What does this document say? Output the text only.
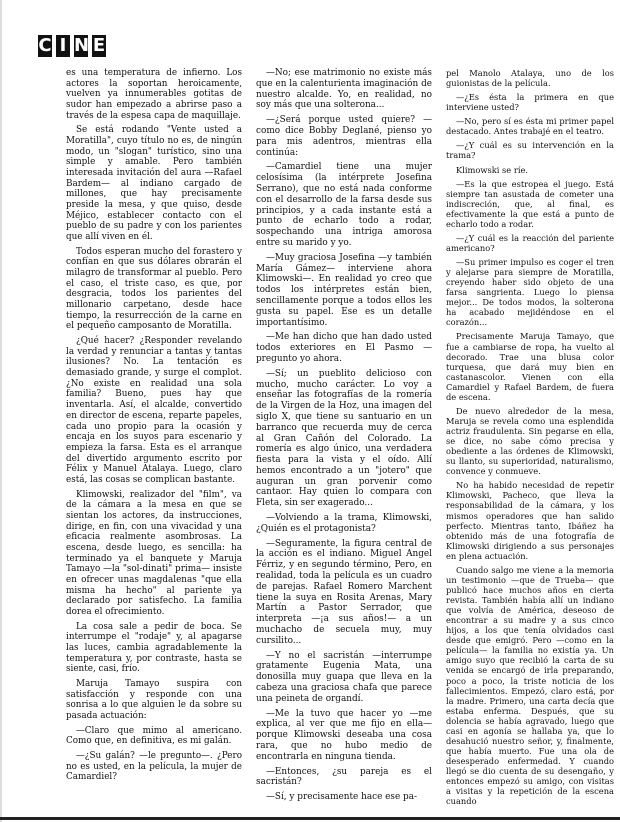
C I N E

es una temperatura de infierno. Los actores la soportan heroicamente, vuelven ya innumerables gotitas de sudor han empezado a abrirse paso a través de la espesa capa de maquillaje.

Se está rodando "Vente usted a Moratilla", cuyo título no es, de ningún modo, un "slogan" turístico, sino una simple y amable. Pero también interesada invitación del aura —Rafael Bardem— al indiano cargado de millones, que hay precisamente preside la mesa, y que quiso, desde Méjico, establecer contacto con el pueblo de su padre y con los parientes que allí viven en él.

Todos esperan mucho del forastero y confían en que sus dólares obrarán el milagro de transformar al pueblo. Pero el caso, el triste caso, es que, por desgracia, todos los parientes del millonario carpetano, desde hace tiempo, la resurrección de la carne en el pequeño camposanto de Moratilla.

¿Qué hacer? ¿Responder revelando la verdad y renunciar a tantas y tantas ilusiones? No. La tentación es demasiado grande, y surge el complot. ¿No existe en realidad una sola familia? Bueno, pues hay que inventarla. Así, el alcalde, convertido en director de escena, reparte papeles, cada uno propio para la ocasión y encaja en los suyos para escenario y empieza la farsa. Esta es el arranque del divertido argumento escrito por Félix y Manuel Atalaya. Luego, claro está, las cosas se complican bastante.

Klimowski, realizador del "film", va de la cámara a la mesa en que se sientan los actores, da instrucciones, dirige, en fin, con una vivacidad y una eficacia realmente asombrosas. La escena, desde luego, es sencilla: ha terminado ya el banquete y Maruja Tamayo —la "sol-dinati" prima— insiste en ofrecer unas magdalenas "que ella misma ha hecho" al pariente ya declarado por satisfecho. La familia dorea el ofrecimiento.

La cosa sale a pedir de boca. Se interrumpe el "rodaje" y, al apagarse las luces, cambia agradablemente la temperatura y, por contraste, hasta se siente, casi, frío.

Maruja Tamayo suspira con satisfacción y responde con una sonrisa a lo que alguien le da sobre su pasada actuación:

—Claro que mimo al americano. Como que, en definitiva, es mi galán.

—¿Su galán? —le pregunto—. ¿Pero no es usted, en la película, la mujer de Camardiel?

—No; ese matrimonio no existe más que en la calenturienta imaginación de nuestro alcalde. Yo, en realidad, no soy más que una solterona...

—¿Será porque usted quiere? —como dice Bobby Deglané, pienso yo para mis adentros, mientras ella continúa:

—Camardiel tiene una mujer celosísima (la intérprete Josefina Serrano), que no está nada conforme con el desarrollo de la farsa desde sus principios, y a cada instante está a punto de echarlo todo a rodar, sospechando una intriga amorosa entre su marido y yo.

—Muy graciosa Josefina —y también María Gámez— interviene ahora Klimowski—. En realidad yo creo que todos los intérpretes están bien, sencillamente porque a todos ellos les gusta su papel. Ese es un detalle importantísimo.

—Me han dicho que han dado usted todos exteriores en El Pasmo —pregunto yo ahora.

—Sí; un pueblito delicioso con mucho, mucho carácter. Lo voy a enseñar las fotografías de la romería de la Virgen de la Hoz, una imagen del siglo X, que tiene su santuario en un barranco que recuerda muy de cerca al Gran Cañón del Colorado. La romería es algo único, una verdadera fiesta para la vista y el oído. Allí hemos encontrado a un "jotero" que auguran un gran porvenir como cantaor. Hay quien lo compara con Fleta, sin ser exagerado...

—Volviendo a la trama, Klimowski, ¿Quién es el protagonista?

—Seguramente, la figura central de la acción es el indiano. Miguel Angel Férriz, y en segundo término, Pero, en realidad, toda la película es un cuadro de parejas. Rafael Romero Marchent tiene la suya en Rosita Arenas, Mary Martín a Pastor Serrador, que interpreta —¡a sus años!— a un muchacho de secuela muy, muy cursilito...

—Y no el sacristán —interrumpe gratamente Eugenia Mata, una donosilla muy guapa que lleva en la cabeza una graciosa chafa que parece una peineta de organdí.

—Me la tuvo que hacer yo —me explica, al ver que me fijo en ella— porque Klimowski deseaba una cosa rara, que no hubo medio de encontrarla en ninguna tienda.

—Entonces, ¿su pareja es el sacristán?

—Sí, y precisamente hace ese pa-

pel Manolo Atalaya, uno de los guionistas de la película.

—¿Es ésta la primera en que interviene usted?

—No, pero sí es ésta mi primer papel destacado. Antes trabajé en el teatro.

—¿Y cuál es su intervención en la trama?

Klimowski se ríe.

—Es la que estropea el juego. Está siempre tan asustada de cometer una indiscreción, que, al final, es efectivamente la que está a punto de echarlo todo a rodar.

—¿Y cuál es la reacción del pariente americano?

—Su primer impulso es coger el tren y alejarse para siempre de Moratilla, creyendo haber sido objeto de una farsa sangrienta. Luego lo piensa mejor... De todos modos, la solterona ha acabado mejidéndose en el corazón...

Precisamente Maruja Tamayo, que fue a cambiarse de ropa, ha vuelto al decorado. Trae una blusa color turquesa, que dará muy bien en castanascolor. Vienen con ella Camardiel y Rafael Bardem, de fuera de escena.

De nuevo alrededor de la mesa, Maruja se revela como una esplendida actriz fraudulenta. Sin pegarse en ella, se dice, no sabe cómo precisa y obediente a las órdenes de Klimowski, su llanto, su superioridad, naturalismo, convence y conmueve.

No ha habido necesidad de repetir Klimowski, Pacheco, que lleva la responsabilidad de la cámara, y los mismos operadores que han salido perfecto. Mientras tanto, Ibáñez ha obtenido más de una fotografía de Klimowski dirigiendo a sus personajes en plena actuación.

Cuando salgo me viene a la memoria un testimonio —que de Trueba— que publicó hace muchos años en cierta revista. También había allí un indiano que volvía de América, deseoso de encontrar a su madre y a sus cinco hijos, a los que tenía olvidados casi desde que emigró. Pero —como en la película— la familia no existía ya. Un amigo suyo que recibió la carta de su venida se encargó de irla preparando, poco a poco, la triste noticia de los fallecimientos. Empezó, claro está, por la madre. Primero, una carta decía que estaba enferma. Después, que su dolencia se había agravado, luego que casi en agonía se hallaba ya, que lo desahució nuestro señor, y, finalmente, que había muerto. Fue una ola de desesperado enfermedad. Y cuando llegó se dio cuenta de su desengaño, y entonces empezó su amigo, con visitas a visitas y la repetición de la escena cuando
